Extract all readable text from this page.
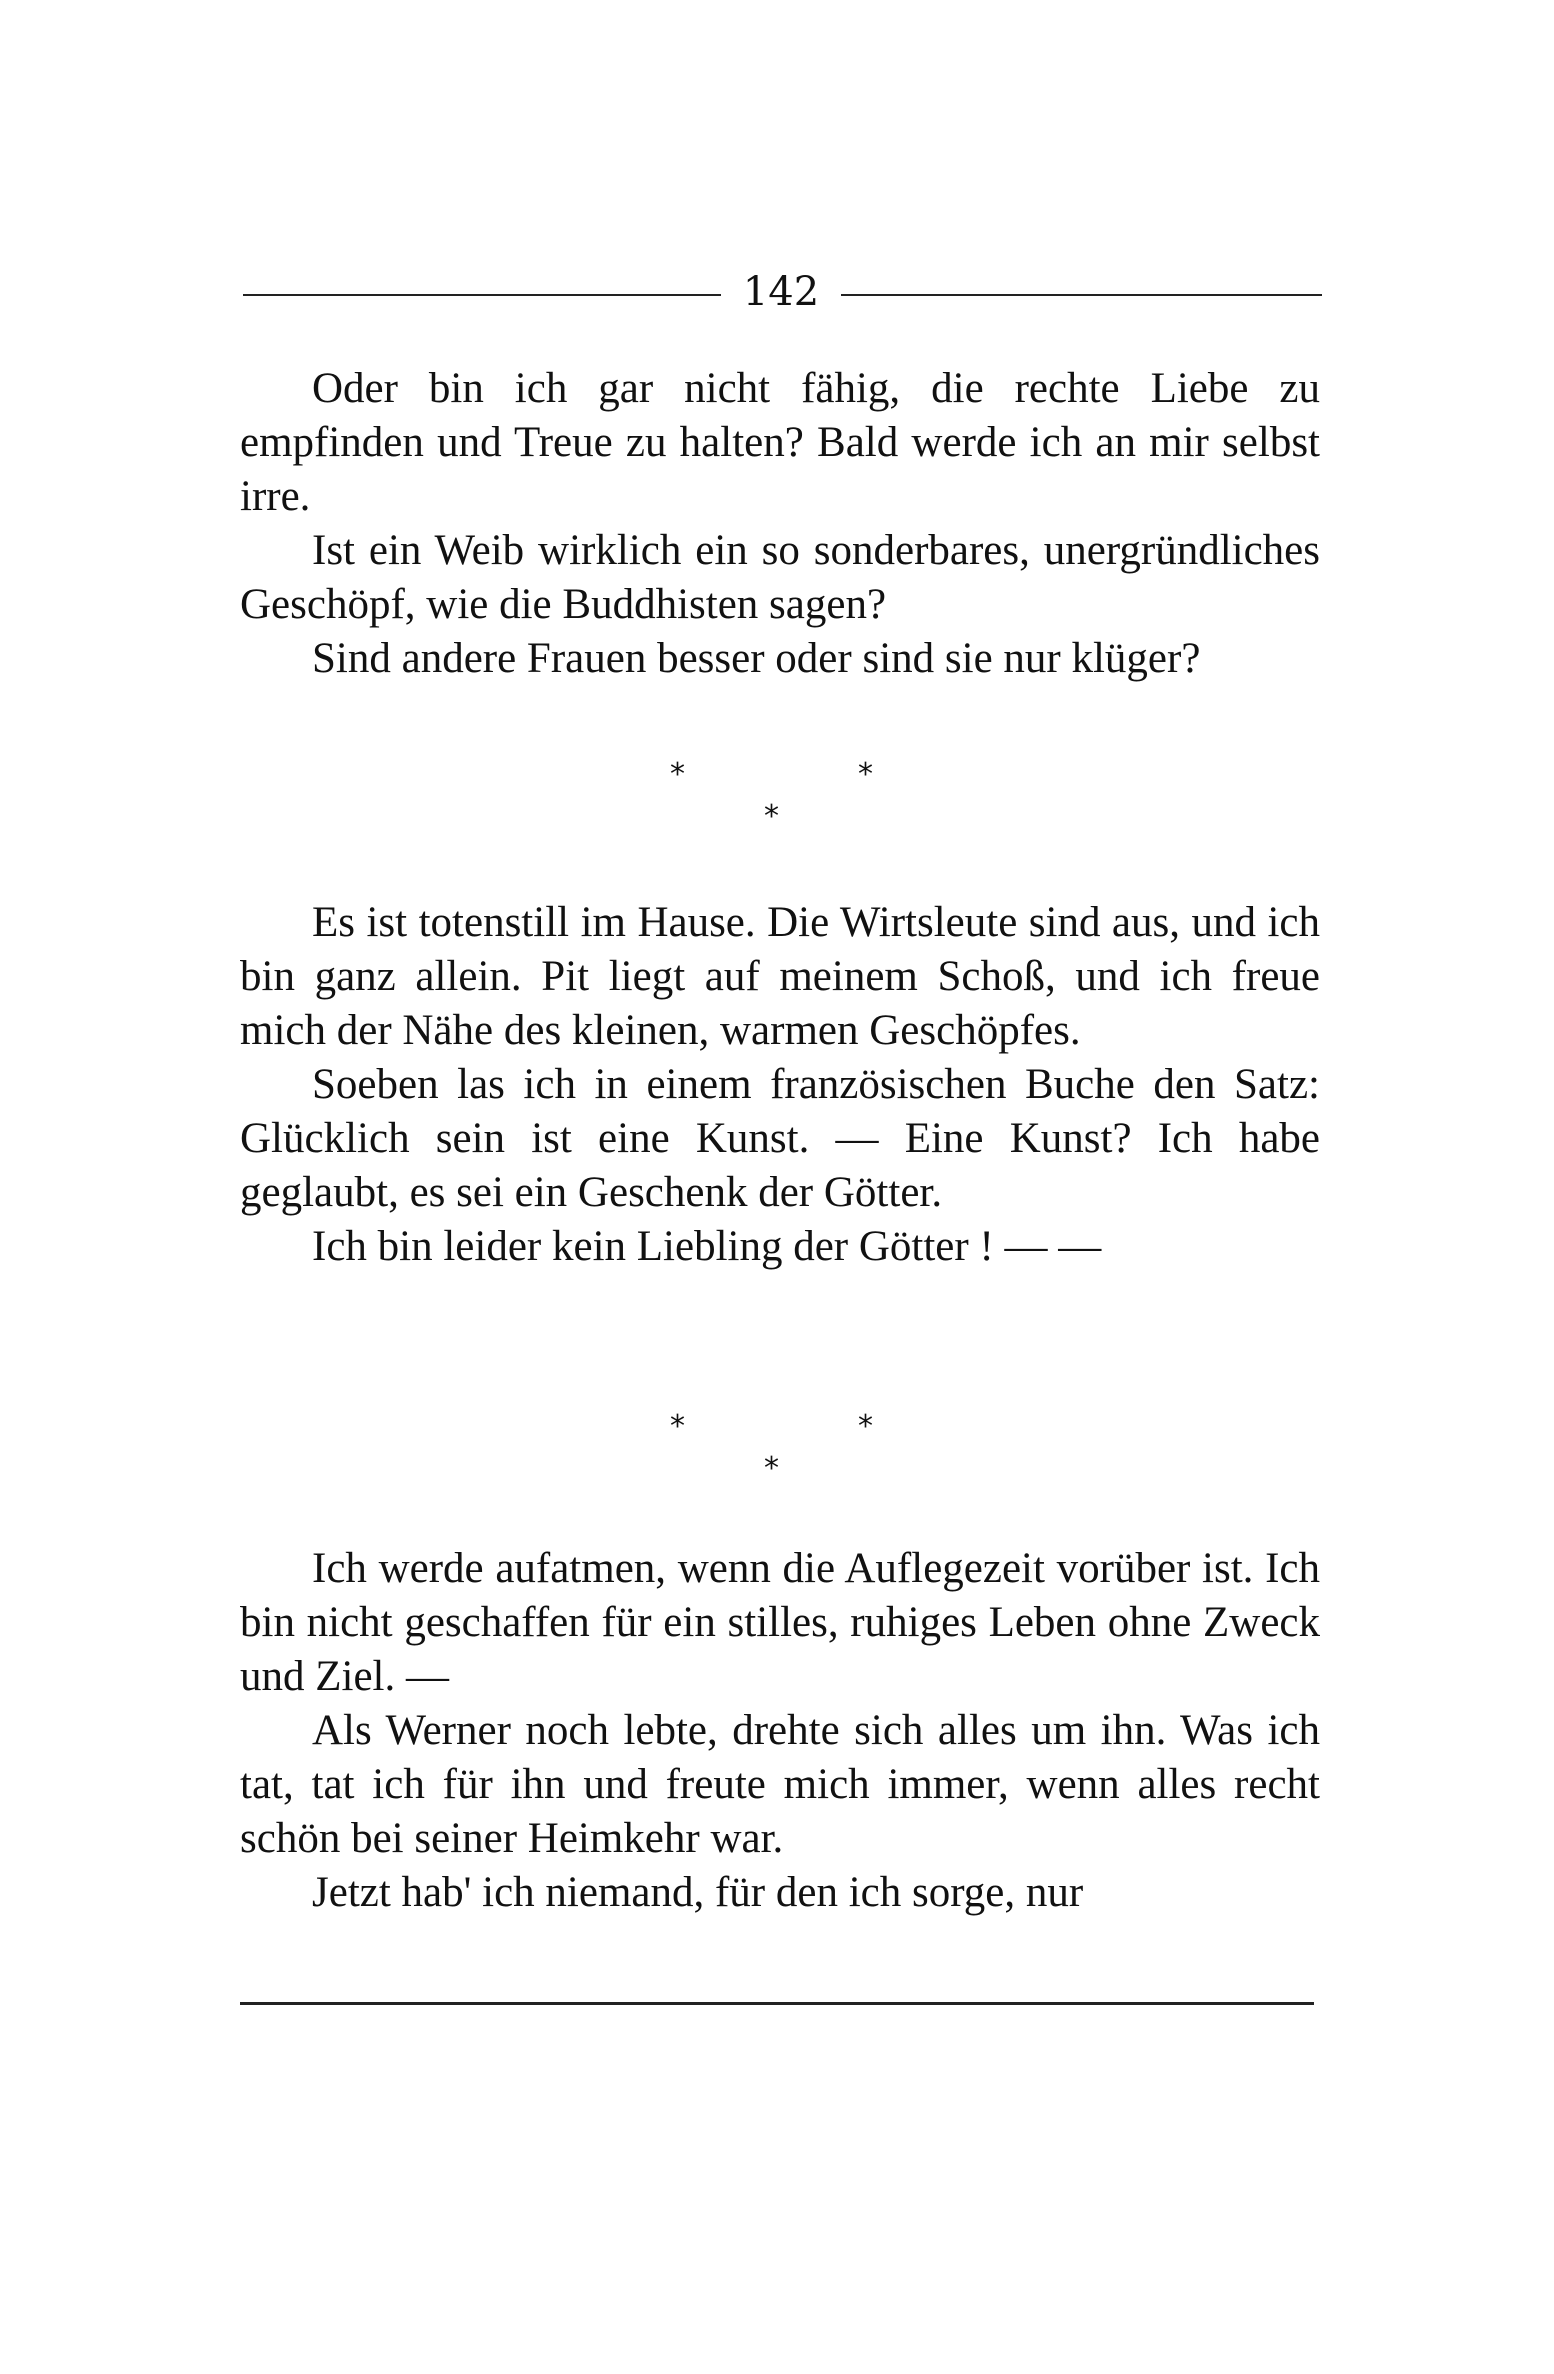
142

Oder bin ich gar nicht fähig, die rechte Liebe zu empfinden und Treue zu halten? Bald werde ich an mir selbst irre.

Ist ein Weib wirklich ein so sonderbares, unergründliches Geschöpf, wie die Buddhisten sagen?

Sind andere Frauen besser oder sind sie nur klüger?

*	*
*

Es ist totenstill im Hause. Die Wirtsleute sind aus, und ich bin ganz allein. Pit liegt auf meinem Schoß, und ich freue mich der Nähe des kleinen, warmen Geschöpfes.

Soeben las ich in einem französischen Buche den Satz: Glücklich sein ist eine Kunst. — Eine Kunst? Ich habe geglaubt, es sei ein Geschenk der Götter.

Ich bin leider kein Liebling der Götter ! — —

*	*
*

Ich werde aufatmen, wenn die Auflegezeit vorüber ist. Ich bin nicht geschaffen für ein stilles, ruhiges Leben ohne Zweck und Ziel. —

Als Werner noch lebte, drehte sich alles um ihn. Was ich tat, tat ich für ihn und freute mich immer, wenn alles recht schön bei seiner Heimkehr war.

Jetzt hab' ich niemand, für den ich sorge, nur
